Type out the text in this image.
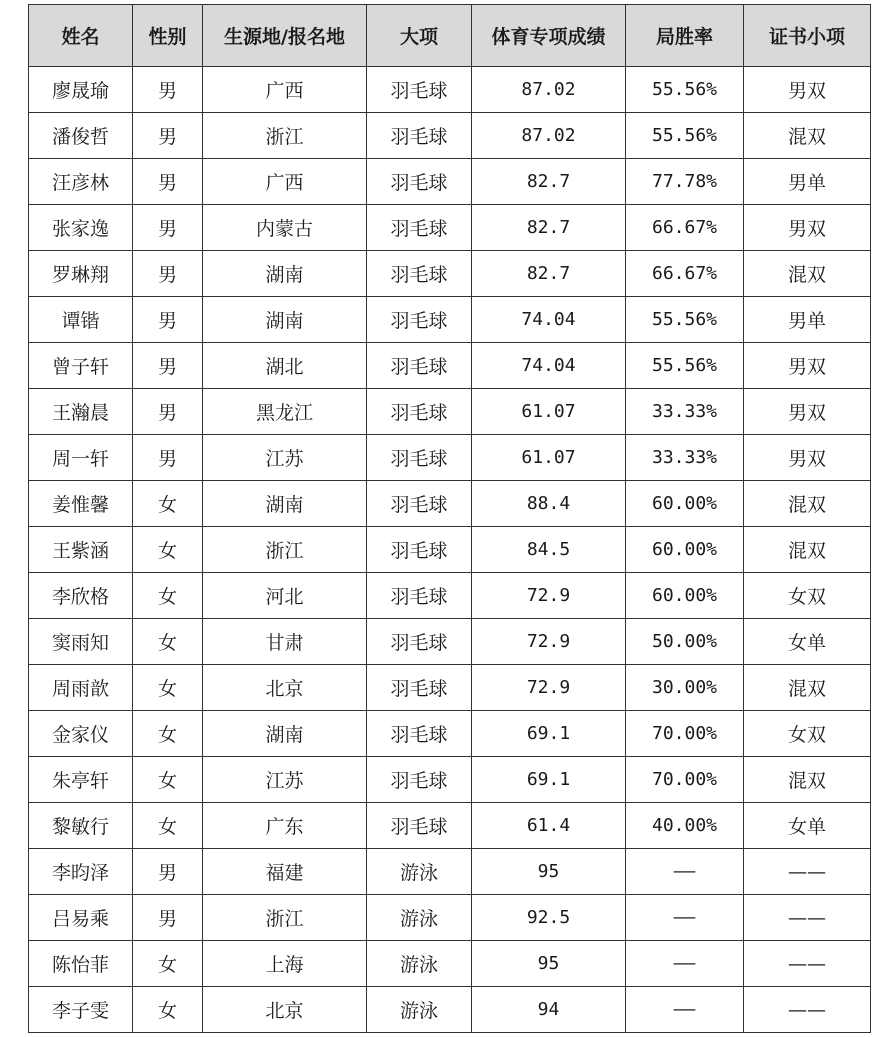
姓名	性别	生源地/报名地	大项	体育专项成绩	局胜率	证书小项
廖晟瑜	男	广西	羽毛球	87.02	55.56%	男双
潘俊哲	男	浙江	羽毛球	87.02	55.56%	混双
汪彦林	男	广西	羽毛球	82.7	77.78%	男单
张家逸	男	内蒙古	羽毛球	82.7	66.67%	男双
罗琳翔	男	湖南	羽毛球	82.7	66.67%	混双
谭锴	男	湖南	羽毛球	74.04	55.56%	男单
曾子轩	男	湖北	羽毛球	74.04	55.56%	男双
王瀚晨	男	黑龙江	羽毛球	61.07	33.33%	男双
周一轩	男	江苏	羽毛球	61.07	33.33%	男双
姜惟馨	女	湖南	羽毛球	88.4	60.00%	混双
王紫涵	女	浙江	羽毛球	84.5	60.00%	混双
李欣格	女	河北	羽毛球	72.9	60.00%	女双
窦雨知	女	甘肃	羽毛球	72.9	50.00%	女单
周雨歆	女	北京	羽毛球	72.9	30.00%	混双
金家仪	女	湖南	羽毛球	69.1	70.00%	女双
朱亭轩	女	江苏	羽毛球	69.1	70.00%	混双
黎敏行	女	广东	羽毛球	61.4	40.00%	女单
李昀泽	男	福建	游泳	95	——	——
吕易乘	男	浙江	游泳	92.5	——	——
陈怡菲	女	上海	游泳	95	——	——
李子雯	女	北京	游泳	94	——	——
